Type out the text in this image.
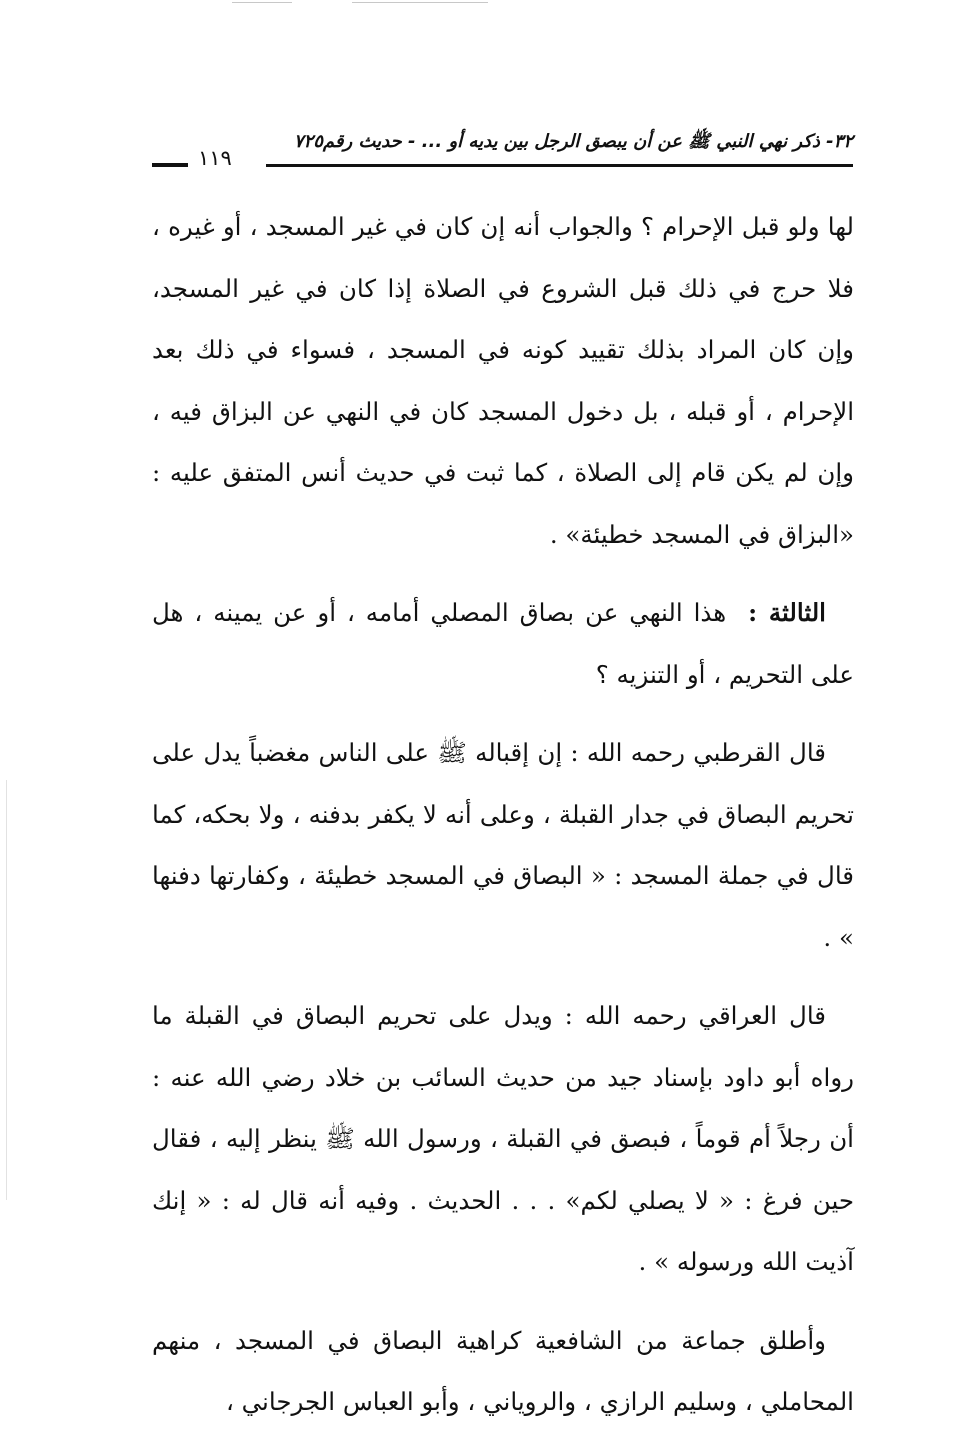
٣٢- ذكر نهي النبي ﷺ عن أن يبصق الرجل بين يديه أو ... - حديث رقم٧٢٥
١١٩

لها ولو قبل الإحرام ؟ والجواب أنه إن كان في غير المسجد ، أو غيره ، فلا حرج في ذلك قبل الشروع في الصلاة إذا كان في غير المسجد، وإن كان المراد بذلك تقييد كونه في المسجد ، فسواء في ذلك بعد الإحرام ، أو قبله ، بل دخول المسجد كان في النهي عن البزاق فيه ، وإن لم يكن قام إلى الصلاة ، كما ثبت في حديث أنس المتفق عليه : «البزاق في المسجد خطيئة» .

الثالثة :  هذا النهي عن بصاق المصلي أمامه ، أو عن يمينه ، هل على التحريم ، أو التنزيه ؟

قال القرطبي رحمه الله : إن إقباله ﷺ على الناس مغضباً يدل على تحريم البصاق في جدار القبلة ، وعلى أنه لا يكفر بدفنه ، ولا بحكه، كما قال في جملة المسجد : « البصاق في المسجد خطيئة ، وكفارتها دفنها » .

قال العراقي رحمه الله : ويدل على تحريم البصاق في القبلة ما رواه أبو داود بإسناد جيد من حديث السائب بن خلاد رضي الله عنه : أن رجلاً أم قوماً ، فبصق في القبلة ، ورسول الله ﷺ ينظر إليه ، فقال حين فرغ : « لا يصلي لكم» . . . الحديث . وفيه أنه قال له : « إنك آذيت الله ورسوله » .

وأطلق جماعة من الشافعية كراهية البصاق في المسجد ، منهم المحاملي ، وسليم الرازي ، والروياني ، وأبو العباس الجرجاني ،
